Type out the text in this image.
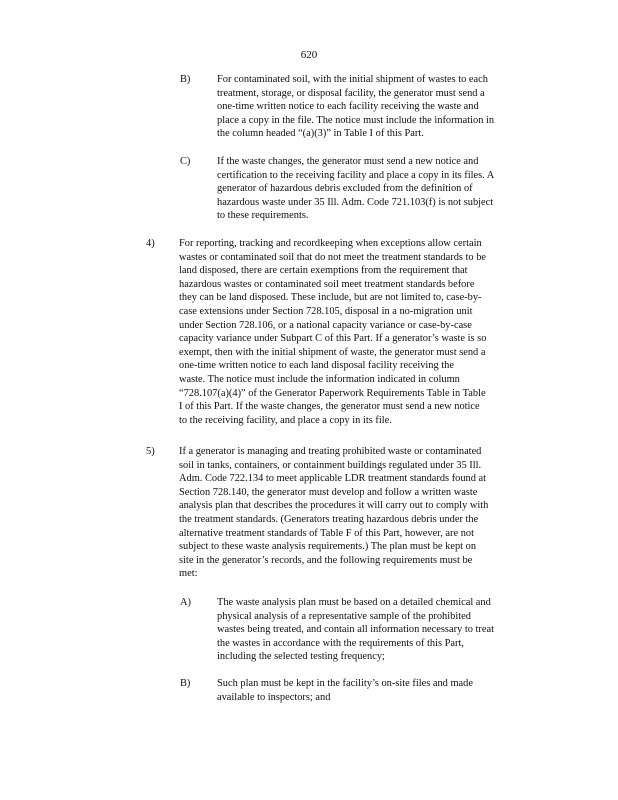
620
B)	For contaminated soil, with the initial shipment of wastes to each
treatment, storage, or disposal facility, the generator must send a
one-time written notice to each facility receiving the waste and
place a copy in the file. The notice must include the information in
the column headed “(a)(3)” in Table I of this Part.
C)	If the waste changes, the generator must send a new notice and
certification to the receiving facility and place a copy in its files. A
generator of hazardous debris excluded from the definition of
hazardous waste under 35 Ill. Adm. Code 721.103(f) is not subject
to these requirements.
4) For reporting, tracking and recordkeeping when exceptions allow certain
wastes or contaminated soil that do not meet the treatment standards to be
land disposed, there are certain exemptions from the requirement that
hazardous wastes or contaminated soil meet treatment standards before
they can be land disposed. These include, but are not limited to, case-by-
case extensions under Section 728.105, disposal in a no-migration unit
under Section 728.106, or a national capacity variance or case-by-case
capacity variance under Subpart C of this Part. If a generator’s waste is so
exempt, then with the initial shipment of waste, the generator must send a
one-time written notice to each land disposal facility receiving the
waste. The notice must include the information indicated in column
“728.107(a)(4)” of the Generator Paperwork Requirements Table in Table
I of this Part. If the waste changes, the generator must send a new notice
to the receiving facility, and place a copy in its file.
5) If a generator is managing and treating prohibited waste or contaminated
soil in tanks, containers, or containment buildings regulated under 35 Ill.
Adm. Code 722.134 to meet applicable LDR treatment standards found at
Section 728.140, the generator must develop and follow a written waste
analysis plan that describes the procedures it will carry out to comply with
the treatment standards. (Generators treating hazardous debris under the
alternative treatment standards of Table F of this Part, however, are not
subject to these waste analysis requirements.) The plan must be kept on
site in the generator’s records, and the following requirements must be
met:
A)	The waste analysis plan must be based on a detailed chemical and
physical analysis of a representative sample of the prohibited
wastes being treated, and contain all information necessary to treat
the wastes in accordance with the requirements of this Part,
including the selected testing frequency;
B)	Such plan must be kept in the facility’s on-site files and made
available to inspectors; and
